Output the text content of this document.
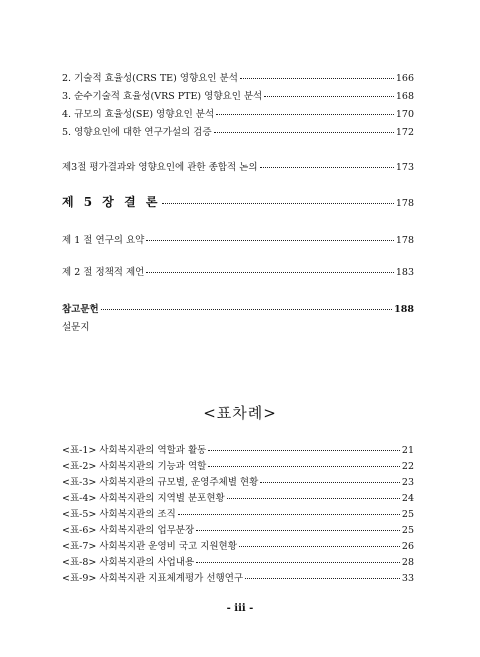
2. 기술적 효율성(CRS TE) 영향요인 분석	166
3. 순수기술적 효율성(VRS PTE) 영향요인 분석	168
4. 규모의 효율성(SE) 영향요인 분석	170
5. 영향요인에 대한 연구가설의 검증	172
제3절 평가결과와 영향요인에 관한 종합적 논의	173
제 5 장 결 론	178
제 1 절 연구의 요약	178
제 2 절 정책적 제언	183
참고문헌	188
설문지
<표차례>
<표-1> 사회복지관의 역할과 활동	21
<표-2> 사회복지관의 기능과 역할	22
<표-3> 사회복지관의 규모별, 운영주체별 현황	23
<표-4> 사회복지관의 지역별 분포현황	24
<표-5> 사회복지관의 조직	25
<표-6> 사회복지관의 업무분장	25
<표-7> 사회복지관 운영비 국고 지원현황	26
<표-8> 사회복지관의 사업내용	28
<표-9> 사회복지관 지표체계평가 선행연구	33
- iii -
